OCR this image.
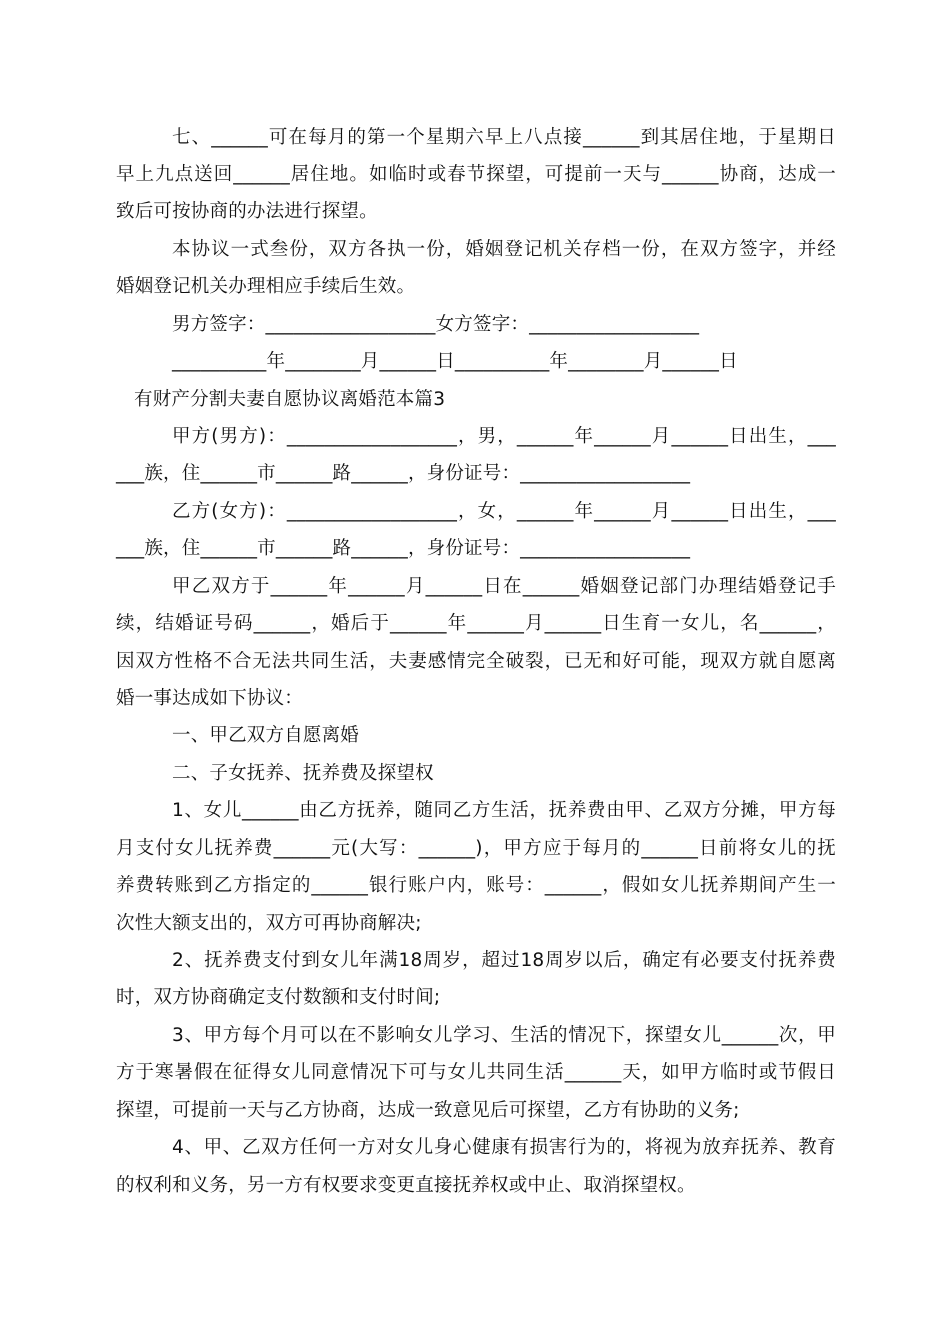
七、______可在每月的第一个星期六早上八点接______到其居住地，于星期日
早上九点送回______居住地。如临时或春节探望，可提前一天与______协商，达成一
致后可按协商的办法进行探望。
本协议一式叁份，双方各执一份，婚姻登记机关存档一份，在双方签字，并经
婚姻登记机关办理相应手续后生效。
男方签字：__________________女方签字：__________________
__________年________月______日__________年________月______日
有财产分割夫妻自愿协议离婚范本篇3
甲方(男方)：__________________，男，______年______月______日出生，___
___族，住______市______路______，身份证号：__________________
乙方(女方)：__________________，女，______年______月______日出生，___
___族，住______市______路______，身份证号：__________________
甲乙双方于______年______月______日在______婚姻登记部门办理结婚登记手
续，结婚证号码______，婚后于______年______月______日生育一女儿，名______，
因双方性格不合无法共同生活，夫妻感情完全破裂，已无和好可能，现双方就自愿离
婚一事达成如下协议：
一、甲乙双方自愿离婚
二、子女抚养、抚养费及探望权
1、女儿______由乙方抚养，随同乙方生活，抚养费由甲、乙双方分摊，甲方每
月支付女儿抚养费______元(大写：______)，甲方应于每月的______日前将女儿的抚
养费转账到乙方指定的______银行账户内，账号：______，假如女儿抚养期间产生一
次性大额支出的，双方可再协商解决;
2、抚养费支付到女儿年满18周岁，超过18周岁以后，确定有必要支付抚养费
时，双方协商确定支付数额和支付时间;
3、甲方每个月可以在不影响女儿学习、生活的情况下，探望女儿______次，甲
方于寒暑假在征得女儿同意情况下可与女儿共同生活______天，如甲方临时或节假日
探望，可提前一天与乙方协商，达成一致意见后可探望，乙方有协助的义务;
4、甲、乙双方任何一方对女儿身心健康有损害行为的，将视为放弃抚养、教育
的权利和义务，另一方有权要求变更直接抚养权或中止、取消探望权。
